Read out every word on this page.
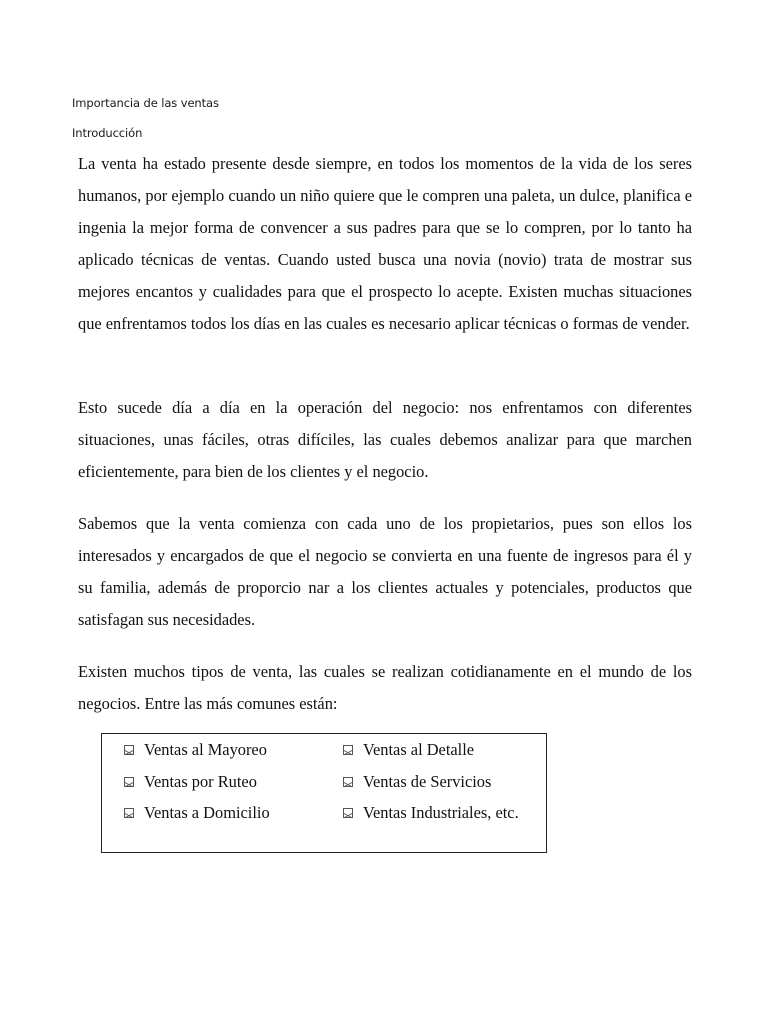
Importancia de las ventas
Introducción

La venta ha estado presente desde siempre, en todos los momentos de la vida de los seres humanos, por ejemplo cuando un niño quiere que le compren una paleta, un dulce, planifica e ingenia la mejor forma de convencer a sus padres para que se lo compren, por lo tanto ha aplicado técnicas de ventas. Cuando usted busca una novia (novio) trata de mostrar sus mejores encantos y cualidades para que el prospecto lo acepte. Existen muchas situaciones que enfrentamos todos los días en las cuales es necesario aplicar técnicas o formas de vender.

Esto sucede día a día en la operación del negocio: nos enfrentamos con diferentes situaciones, unas fáciles, otras difíciles, las cuales debemos analizar para que marchen eficientemente, para bien de los clientes y el negocio.

Sabemos que la venta comienza con cada uno de los propietarios, pues son ellos los interesados y encargados de que el negocio se convierta en una fuente de ingresos para él y su familia, además de proporcio nar a los clientes actuales y potenciales, productos que satisfagan sus necesidades.

Existen muchos tipos de venta, las cuales se realizan cotidianamente en el mundo de los negocios. Entre las más comunes están:

Ventas al Mayoreo	Ventas al Detalle
Ventas por Ruteo	Ventas de Servicios
Ventas a Domicilio	Ventas Industriales, etc.
